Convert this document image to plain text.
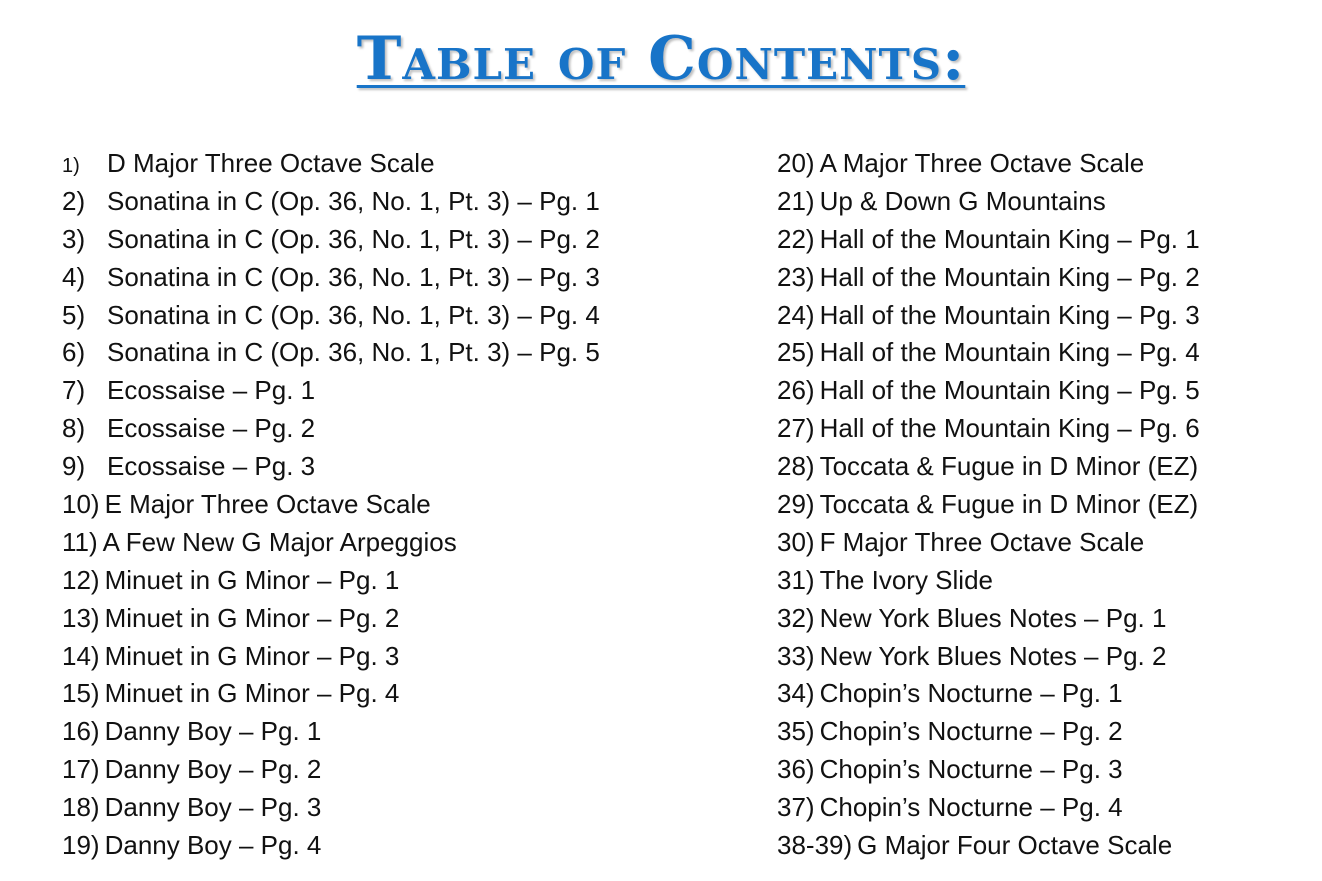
Table of Contents:
1)	D Major Three Octave Scale
2) Sonatina in C (Op. 36, No. 1, Pt. 3) – Pg. 1
3) Sonatina in C (Op. 36, No. 1, Pt. 3) – Pg. 2
4) Sonatina in C (Op. 36, No. 1, Pt. 3) – Pg. 3
5) Sonatina in C (Op. 36, No. 1, Pt. 3) – Pg. 4
6) Sonatina in C (Op. 36, No. 1, Pt. 3) – Pg. 5
7) Ecossaise – Pg. 1
8) Ecossaise – Pg. 2
9) Ecossaise – Pg. 3
10) E Major Three Octave Scale
11) A Few New G Major Arpeggios
12) Minuet in G Minor – Pg. 1
13) Minuet in G Minor – Pg. 2
14) Minuet in G Minor – Pg. 3
15) Minuet in G Minor – Pg. 4
16) Danny Boy – Pg. 1
17) Danny Boy – Pg. 2
18) Danny Boy – Pg. 3
19) Danny Boy – Pg. 4
20) A Major Three Octave Scale
21) Up & Down G Mountains
22) Hall of the Mountain King – Pg. 1
23) Hall of the Mountain King – Pg. 2
24) Hall of the Mountain King – Pg. 3
25) Hall of the Mountain King – Pg. 4
26) Hall of the Mountain King – Pg. 5
27) Hall of the Mountain King – Pg. 6
28) Toccata & Fugue in D Minor (EZ)
29) Toccata & Fugue in D Minor (EZ)
30) F Major Three Octave Scale
31) The Ivory Slide
32) New York Blues Notes – Pg. 1
33) New York Blues Notes – Pg. 2
34) Chopin’s Nocturne – Pg. 1
35) Chopin’s Nocturne – Pg. 2
36) Chopin’s Nocturne – Pg. 3
37) Chopin’s Nocturne – Pg. 4
38-39) G Major Four Octave Scale
